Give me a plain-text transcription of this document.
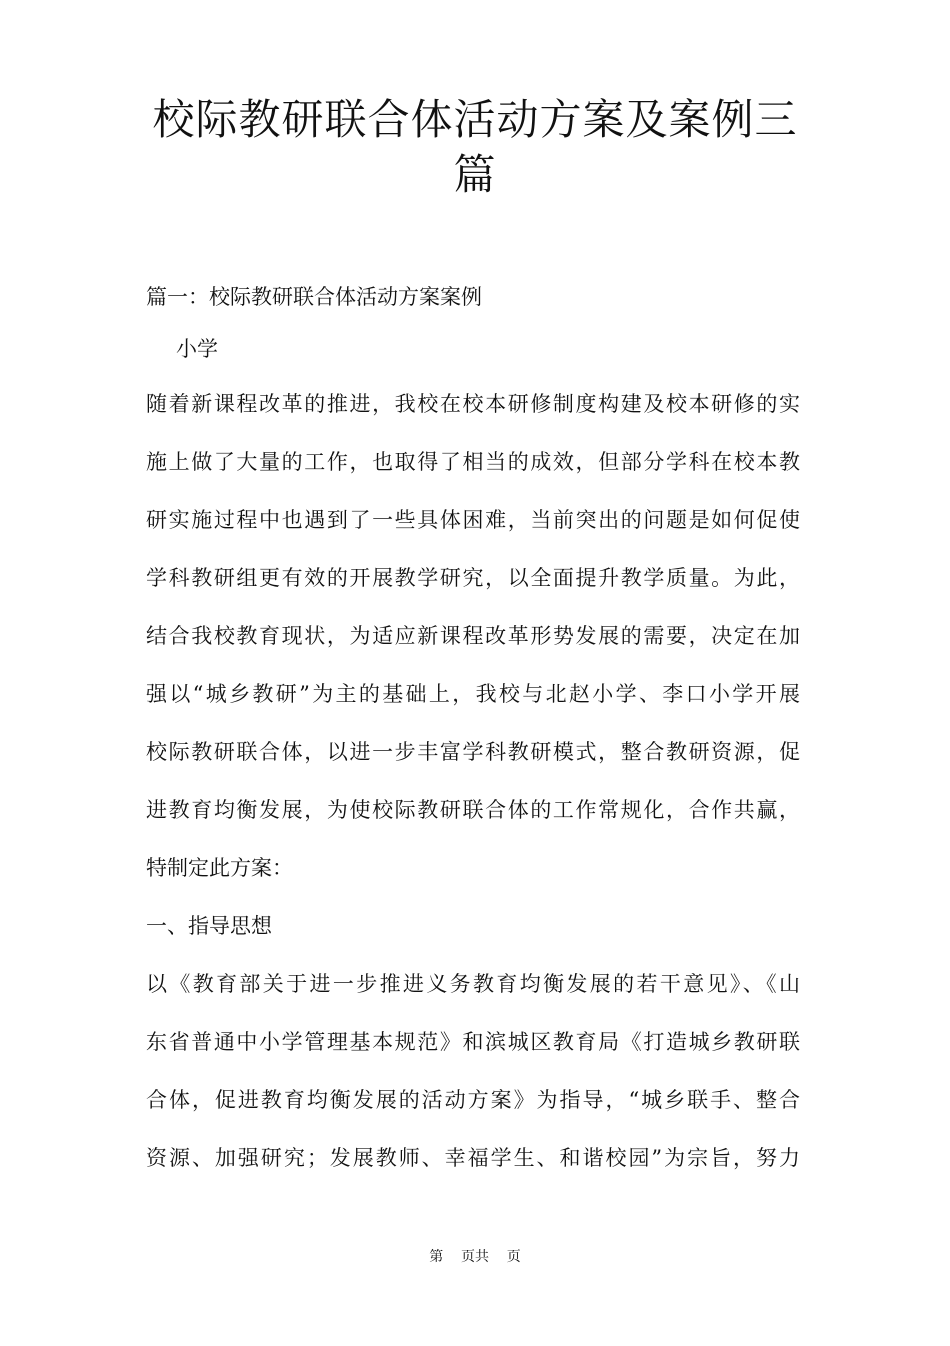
校际教研联合体活动方案及案例三
篇
篇一：校际教研联合体活动方案案例
小学
随着新课程改革的推进，我校在校本研修制度构建及校本研修的实
施上做了大量的工作，也取得了相当的成效，但部分学科在校本教
研实施过程中也遇到了一些具体困难，当前突出的问题是如何促使
学科教研组更有效的开展教学研究，以全面提升教学质量。为此，
结合我校教育现状，为适应新课程改革形势发展的需要，决定在加
强以“城乡教研”为主的基础上，我校与北赵小学、李口小学开展
校际教研联合体，以进一步丰富学科教研模式，整合教研资源，促
进教育均衡发展，为使校际教研联合体的工作常规化，合作共赢，
特制定此方案：
一、指导思想
以《教育部关于进一步推进义务教育均衡发展的若干意见》、《山
东省普通中小学管理基本规范》和滨城区教育局《打造城乡教研联
合体，促进教育均衡发展的活动方案》为指导，“城乡联手、整合
资源、加强研究；发展教师、幸福学生、和谐校园”为宗旨，努力
第    页共    页
